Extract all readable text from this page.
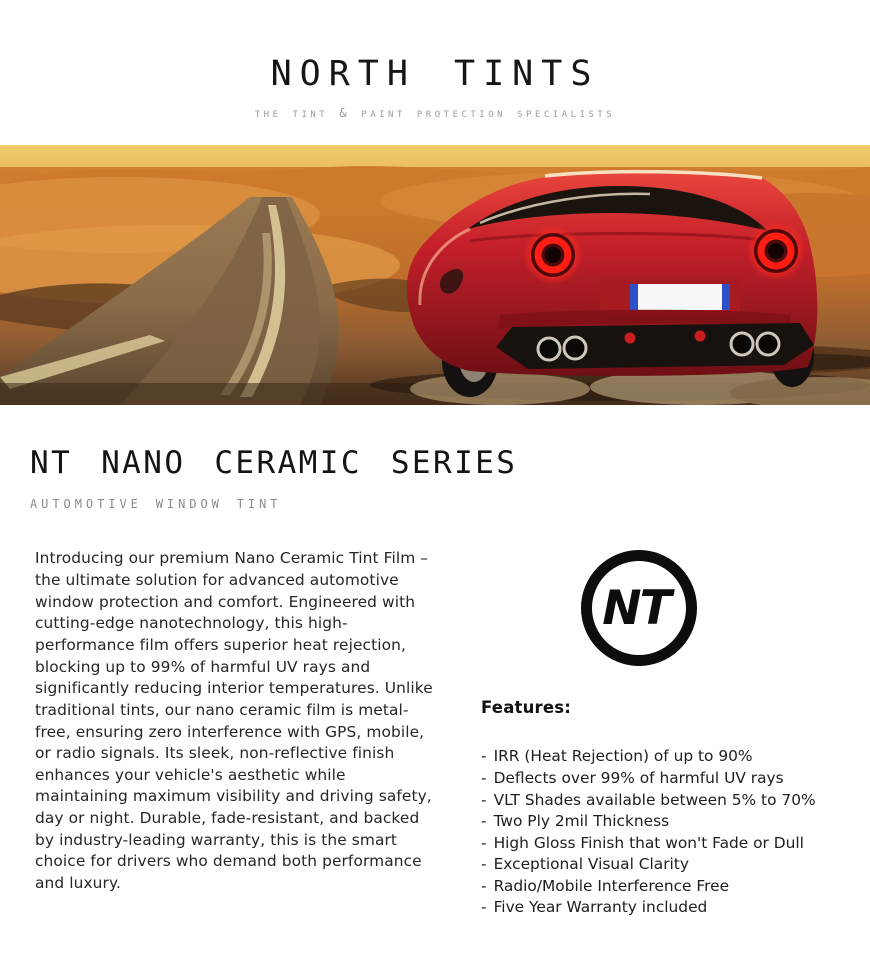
north tints
the tint & paint protection specialists
nt nano ceramic series
automotive window tint

Introducing our premium Nano Ceramic Tint Film – the ultimate solution for advanced automotive window protection and comfort. Engineered with cutting-edge nanotechnology, this high-performance film offers superior heat rejection, blocking up to 99% of harmful UV rays and significantly reducing interior temperatures. Unlike traditional tints, our nano ceramic film is metal-free, ensuring zero interference with GPS, mobile, or radio signals. Its sleek, non-reflective finish enhances your vehicle's aesthetic while maintaining maximum visibility and driving safety, day or night. Durable, fade-resistant, and backed by industry-leading warranty, this is the smart choice for drivers who demand both performance and luxury.

NT
Features:
- IRR (Heat Rejection) of up to 90%
- Deflects over 99% of harmful UV rays
- VLT Shades available between 5% to 70%
- Two Ply 2mil Thickness
- High Gloss Finish that won't Fade or Dull
- Exceptional Visual Clarity
- Radio/Mobile Interference Free
- Five Year Warranty included
